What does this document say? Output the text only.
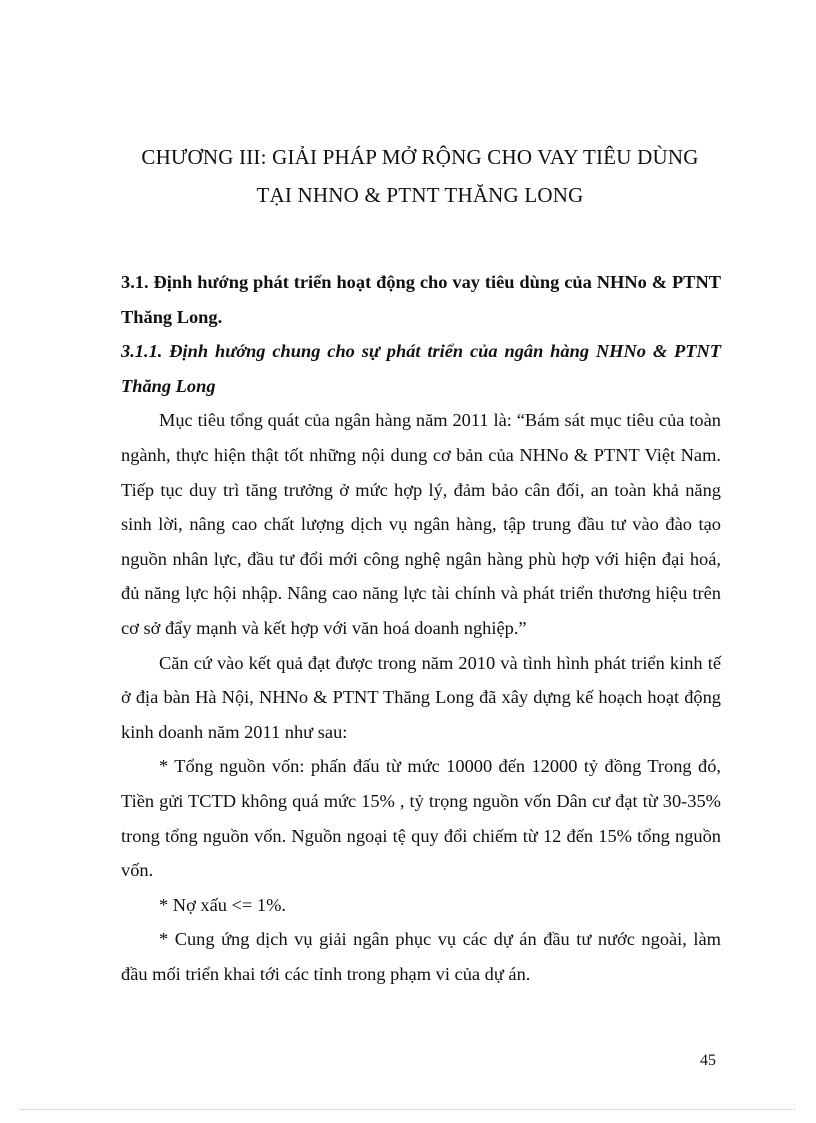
CHƯƠNG III: GIẢI PHÁP MỞ RỘNG CHO VAY TIÊU DÙNG
TẠI NHNO & PTNT THĂNG LONG

3.1. Định hướng phát triển hoạt động cho vay tiêu dùng của NHNo & PTNT Thăng Long.

3.1.1. Định hướng chung cho sự phát triển của ngân hàng NHNo & PTNT Thăng Long

Mục tiêu tổng quát của ngân hàng năm 2011 là: “Bám sát mục tiêu của toàn ngành, thực hiện thật tốt những nội dung cơ bản của NHNo & PTNT Việt Nam. Tiếp tục duy trì tăng trưởng ở mức hợp lý, đảm bảo cân đối, an toàn khả năng sinh lời, nâng cao chất lượng dịch vụ ngân hàng, tập trung đầu tư vào đào tạo nguồn nhân lực, đầu tư đổi mới công nghệ ngân hàng phù hợp với hiện đại hoá, đủ năng lực hội nhập. Nâng cao năng lực tài chính và phát triển thương hiệu trên cơ sở đẩy mạnh và kết hợp với văn hoá doanh nghiệp.”

Căn cứ vào kết quả đạt được trong năm 2010 và tình hình phát triển kinh tế ở địa bàn Hà Nội, NHNo & PTNT Thăng Long đã xây dựng kế hoạch hoạt động kinh doanh năm 2011 như sau:

* Tổng nguồn vốn: phấn đấu từ mức 10000 đến 12000 tỷ đồng Trong đó, Tiền gửi TCTD không quá mức 15% , tỷ trọng nguồn vốn Dân cư đạt từ 30-35% trong tổng nguồn vốn. Nguồn ngoại tệ quy đổi chiếm từ 12 đến 15% tổng nguồn vốn.

* Nợ xấu <= 1%.

* Cung ứng dịch vụ giải ngân phục vụ các dự án đầu tư nước ngoài, làm đầu mối triển khai tới các tỉnh trong phạm vi của dự án.

45
